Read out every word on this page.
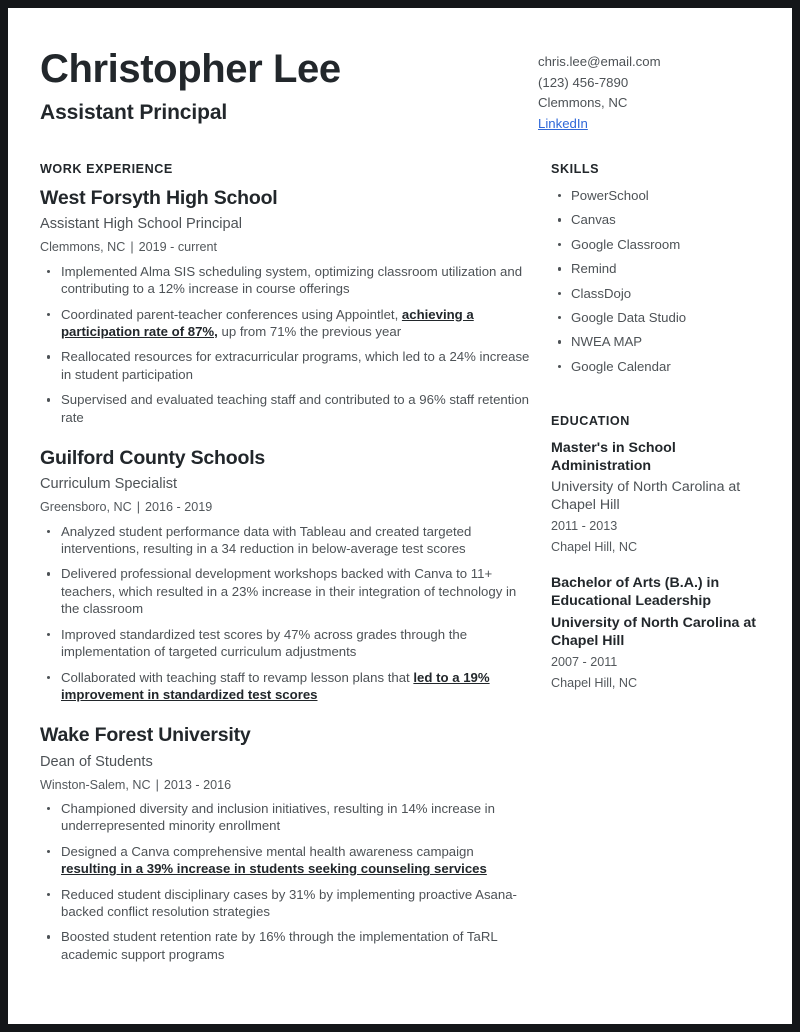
Christopher Lee
Assistant Principal
chris.lee@email.com
(123) 456-7890
Clemmons, NC
LinkedIn
WORK EXPERIENCE
West Forsyth High School
Assistant High School Principal
Clemmons, NC | 2019 - current
Implemented Alma SIS scheduling system, optimizing classroom utilization and contributing to a 12% increase in course offerings
Coordinated parent-teacher conferences using Appointlet, achieving a participation rate of 87%, up from 71% the previous year
Reallocated resources for extracurricular programs, which led to a 24% increase in student participation
Supervised and evaluated teaching staff and contributed to a 96% staff retention rate
Guilford County Schools
Curriculum Specialist
Greensboro, NC | 2016 - 2019
Analyzed student performance data with Tableau and created targeted interventions, resulting in a 34 reduction in below-average test scores
Delivered professional development workshops backed with Canva to 11+ teachers, which resulted in a 23% increase in their integration of technology in the classroom
Improved standardized test scores by 47% across grades through the implementation of targeted curriculum adjustments
Collaborated with teaching staff to revamp lesson plans that led to a 19% improvement in standardized test scores
Wake Forest University
Dean of Students
Winston-Salem, NC | 2013 - 2016
Championed diversity and inclusion initiatives, resulting in 14% increase in underrepresented minority enrollment
Designed a Canva comprehensive mental health awareness campaign resulting in a 39% increase in students seeking counseling services
Reduced student disciplinary cases by 31% by implementing proactive Asana-backed conflict resolution strategies
Boosted student retention rate by 16% through the implementation of TaRL academic support programs
SKILLS
PowerSchool
Canvas
Google Classroom
Remind
ClassDojo
Google Data Studio
NWEA MAP
Google Calendar
EDUCATION
Master's in School Administration
University of North Carolina at Chapel Hill
2011 - 2013
Chapel Hill, NC
Bachelor of Arts (B.A.) in Educational Leadership
University of North Carolina at Chapel Hill
2007 - 2011
Chapel Hill, NC
